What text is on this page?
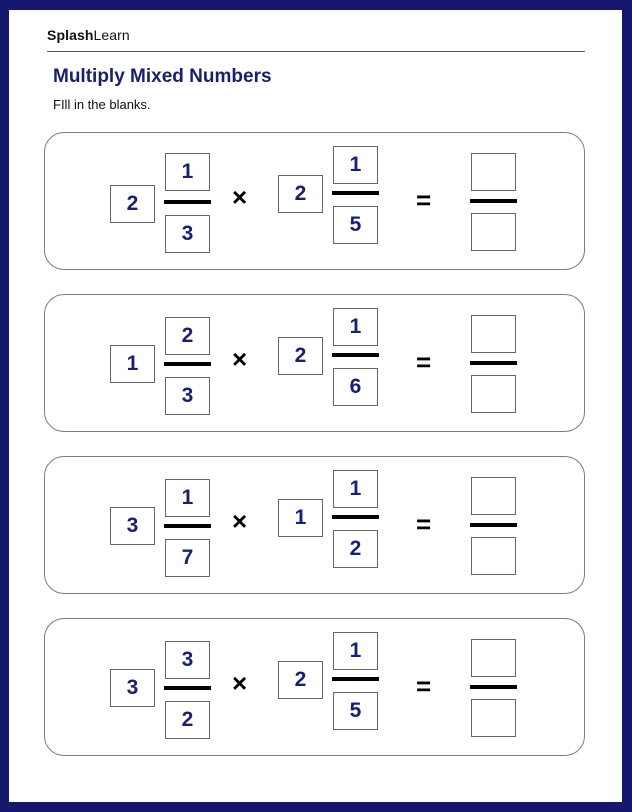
SplashLearn
Multiply Mixed Numbers
FIll in the blanks.
2
1
3
×	2
1
5
=
1
2
3
×	2
1
6
=
3
1
7
×	1
1
2
=
3
3
2
×	2
1
5
=
